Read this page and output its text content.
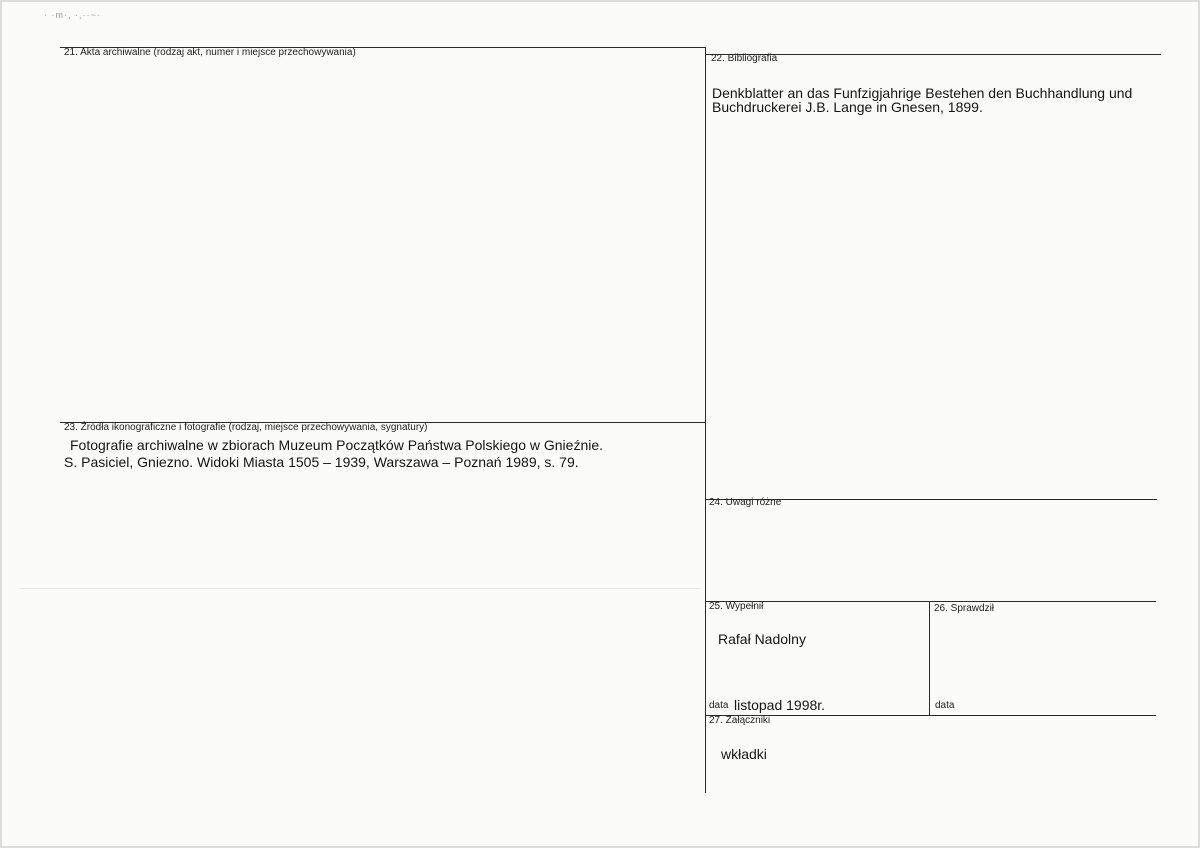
· ·m·, ·,··~·
21. Akta archiwalne (rodzaj akt, numer i miejsce przechowywania)
22. Bibliografia
Denkblatter an das Funfzigjahrige Bestehen den Buchhandlung und
Buchdruckerei J.B. Lange in Gnesen, 1899.
23. Źródła ikonograficzne i fotografie (rodzaj, miejsce przechowywania, sygnatury)
Fotografie archiwalne w zbiorach Muzeum Początków Państwa Polskiego w Gnieźnie.
S. Pasiciel, Gniezno. Widoki Miasta 1505 – 1939, Warszawa – Poznań 1989, s. 79.
24. Uwagi różne
25. Wypełnił
Rafał Nadolny
data listopad 1998r.
26. Sprawdził
data
27. Załączniki
wkładki
